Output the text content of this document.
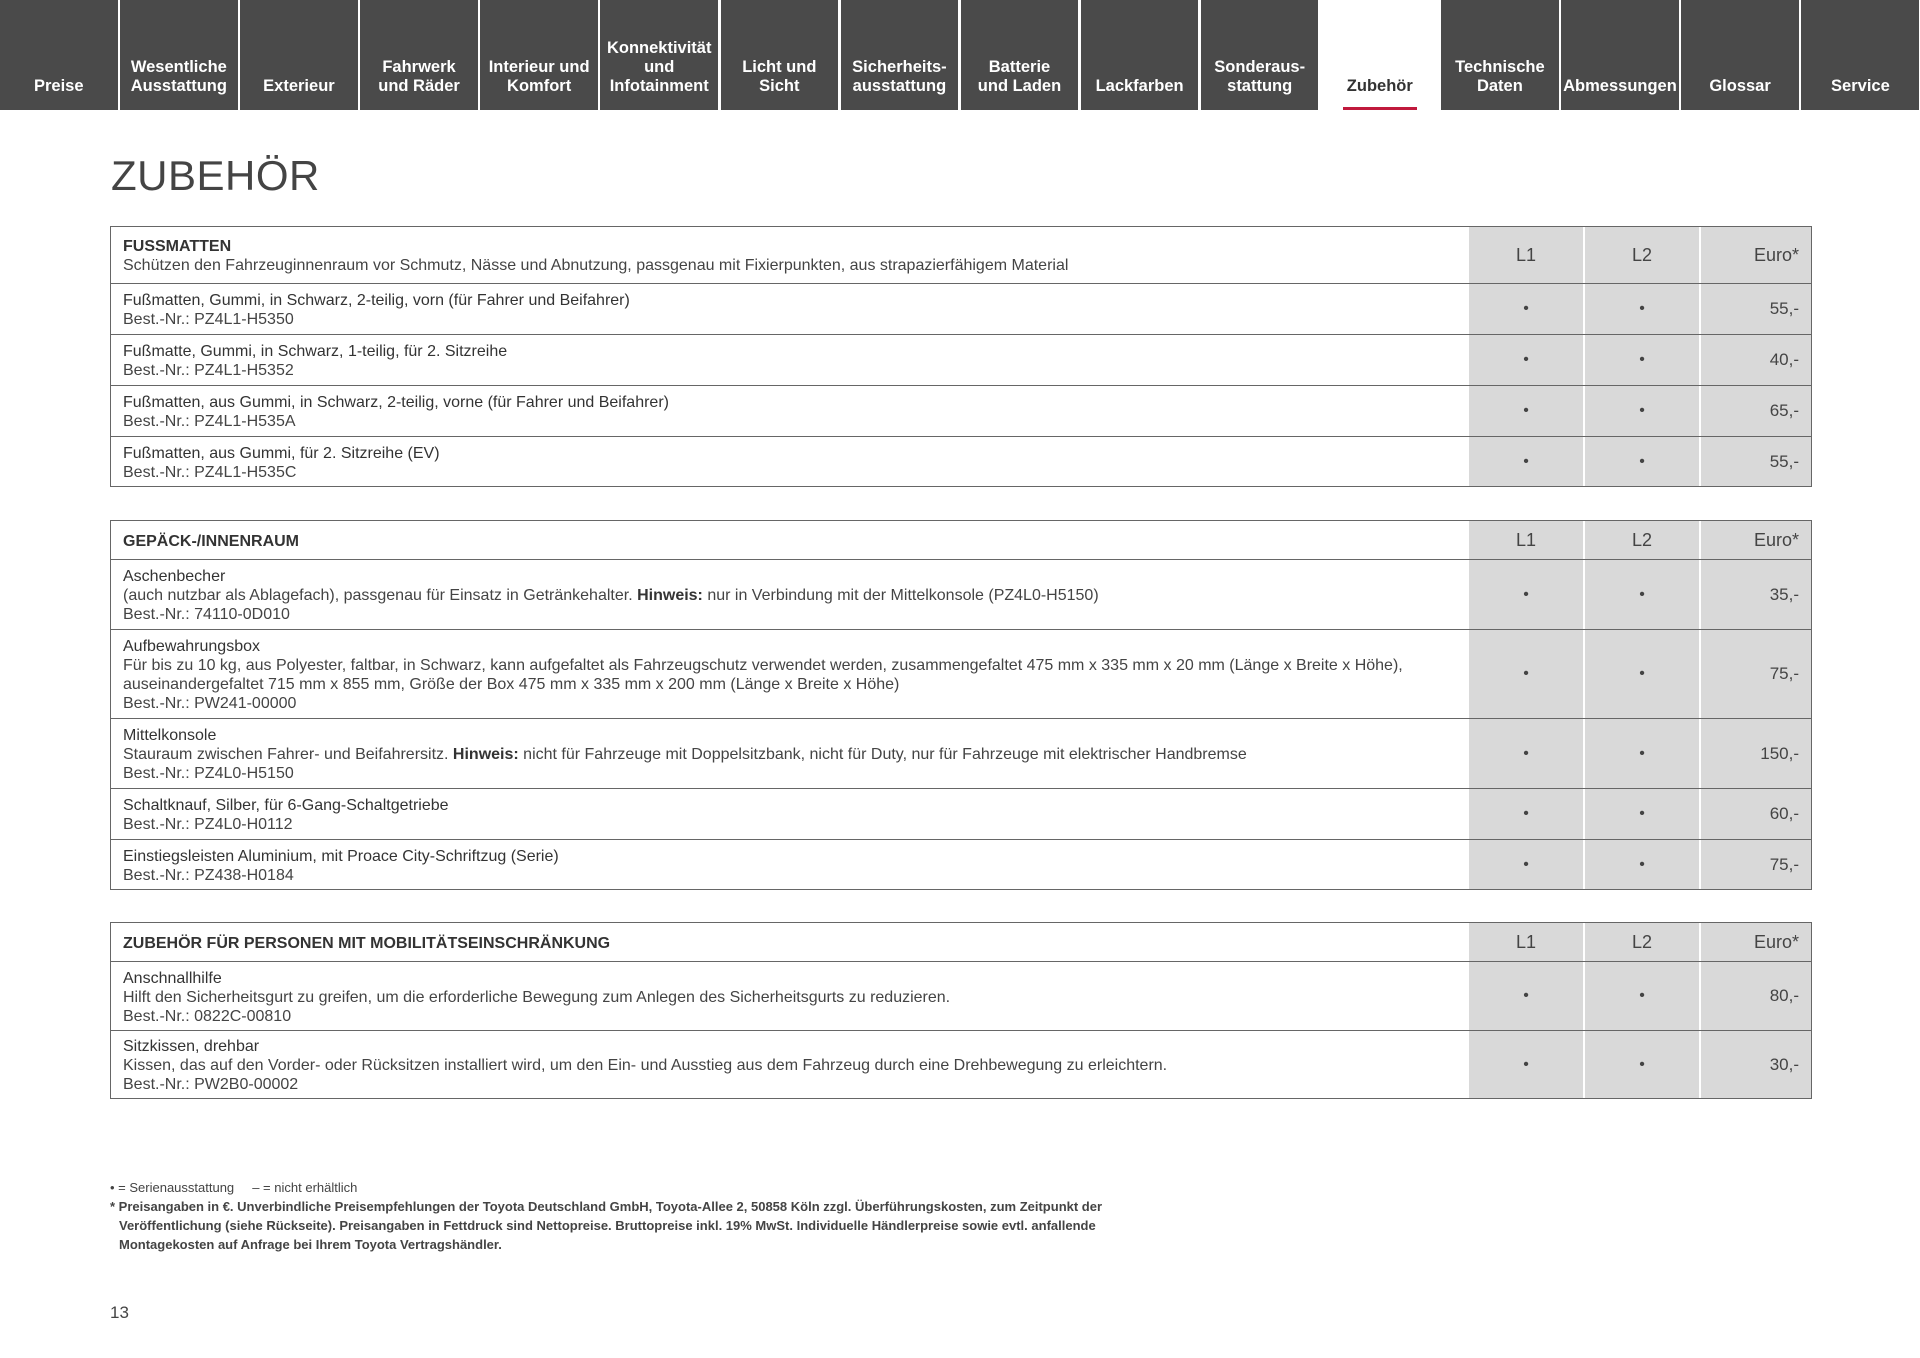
Preise
Wesentliche
Ausstattung Exterieur
Fahrwerk
und Räder
Interieur und
Komfort
Konnektivität
und
Infotainment
Licht und Sicht
Sicherheits-
ausstattung
Batterie
und Laden Lackfarben
Sonderaus-
stattung	Zubehör
Technische
Daten	Abmessungen Glossar	Service
ZUBEHÖR
FUSSMATTEN
Schützen den Fahrzeuginnenraum vor Schmutz, Nässe und Abnutzung, passgenau mit Fixierpunkten, aus strapazierfähigem Material
L1	L2	Euro*
Fußmatten, Gummi, in Schwarz, 2-teilig, vorn (für Fahrer und Beifahrer)
Best.-Nr.: PZ4L1-H5350
•	•	55,-
Fußmatte, Gummi, in Schwarz, 1-teilig, für 2. Sitzreihe
Best.-Nr.: PZ4L1-H5352
•	•	40,-
Fußmatten, aus Gummi, in Schwarz, 2-teilig, vorne (für Fahrer und Beifahrer)
Best.-Nr.: PZ4L1-H535A
•	•	65,-
Fußmatten, aus Gummi, für 2. Sitzreihe (EV)
Best.-Nr.: PZ4L1-H535C
•	•	55,-
GEPÄCK-/INNENRAUM	L1	L2	Euro*
Aschenbecher
(auch nutzbar als Ablagefach), passgenau für Einsatz in Getränkehalter. Hinweis: nur in Verbindung mit der Mittelkonsole (PZ4L0-H5150)
Best.-Nr.: 74110-0D010
•	•	35,-
Aufbewahrungsbox
Für bis zu 10 kg, aus Polyester, faltbar, in Schwarz, kann aufgefaltet als Fahrzeugschutz verwendet werden, zusammengefaltet 475 mm x 335 mm x 20 mm (Länge x Breite x Höhe), auseinandergefaltet 715 mm x 855 mm, Größe der Box 475 mm x 335 mm x 200 mm (Länge x Breite x Höhe)
Best.-Nr.: PW241-00000
•	•	75,-
Mittelkonsole
Stauraum zwischen Fahrer- und Beifahrersitz. Hinweis: nicht für Fahrzeuge mit Doppelsitzbank, nicht für Duty, nur für Fahrzeuge mit elektrischer Handbremse
Best.-Nr.: PZ4L0-H5150
•	•	150,-
Schaltknauf, Silber, für 6-Gang-Schaltgetriebe
Best.-Nr.: PZ4L0-H0112
•	•	60,-
Einstiegsleisten Aluminium, mit Proace City-Schriftzug (Serie)
Best.-Nr.: PZ438-H0184
•	•	75,-
ZUBEHÖR FÜR PERSONEN MIT MOBILITÄTSEINSCHRÄNKUNG	L1	L2	Euro*
Anschnallhilfe
Hilft den Sicherheitsgurt zu greifen, um die erforderliche Bewegung zum Anlegen des Sicherheitsgurts zu reduzieren.
Best.-Nr.: 0822C-00810
•	•	80,-
Sitzkissen, drehbar
Kissen, das auf den Vorder- oder Rücksitzen installiert wird, um den Ein- und Ausstieg aus dem Fahrzeug durch eine Drehbewegung zu erleichtern.
Best.-Nr.: PW2B0-00002
•	•	30,-
• = Serienausstattung     – = nicht erhältlich
* Preisangaben in €. Unverbindliche Preisempfehlungen der Toyota Deutschland GmbH, Toyota-Allee 2, 50858 Köln zzgl. Überführungskosten, zum Zeitpunkt der Veröffentlichung (siehe Rückseite). Preisangaben in Fettdruck sind Nettopreise. Bruttopreise inkl. 19% MwSt. Individuelle Händlerpreise sowie evtl. anfallende Montagekosten auf Anfrage bei Ihrem Toyota Vertragshändler.
13
